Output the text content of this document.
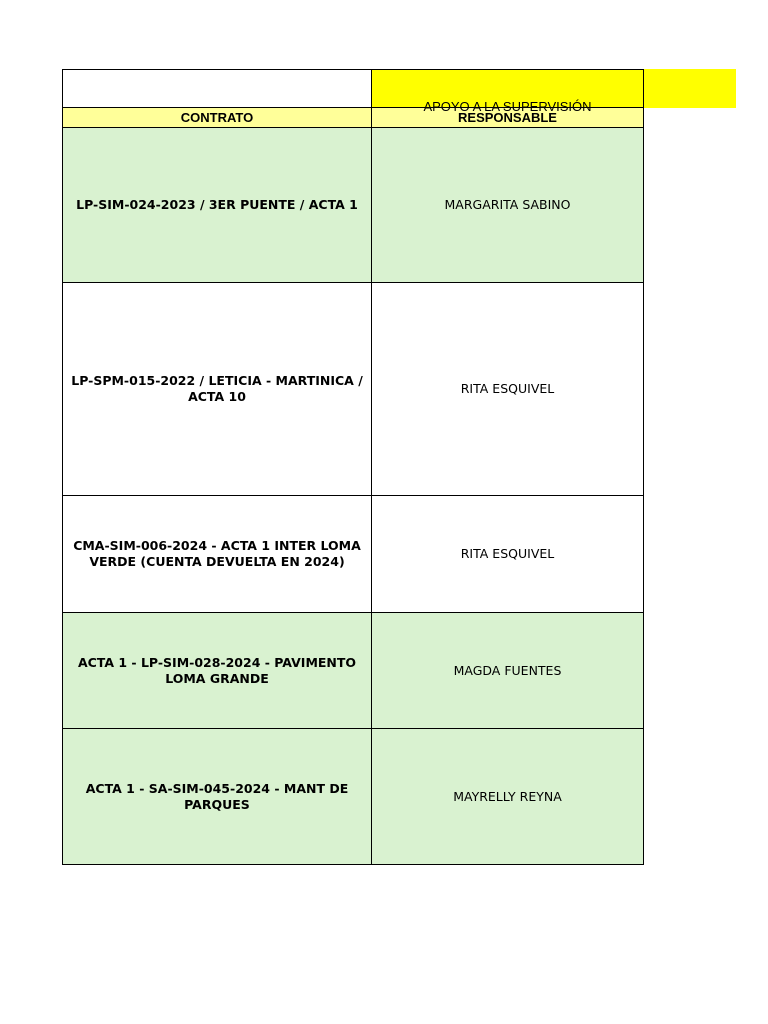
APOYO A LA SUPERVISIÓN
CONTRATO	RESPONSABLE
LP-SIM-024-2023 / 3ER PUENTE / ACTA 1	MARGARITA SABINO
LP-SPM-015-2022 / LETICIA - MARTINICA / ACTA 10
RITA ESQUIVEL
CMA-SIM-006-2024 - ACTA 1 INTER LOMA VERDE (CUENTA DEVUELTA EN 2024)
RITA ESQUIVEL
ACTA 1 - LP-SIM-028-2024 - PAVIMENTO LOMA GRANDE
MAGDA FUENTES
ACTA 1 - SA-SIM-045-2024 - MANT DE PARQUES
MAYRELLY REYNA
